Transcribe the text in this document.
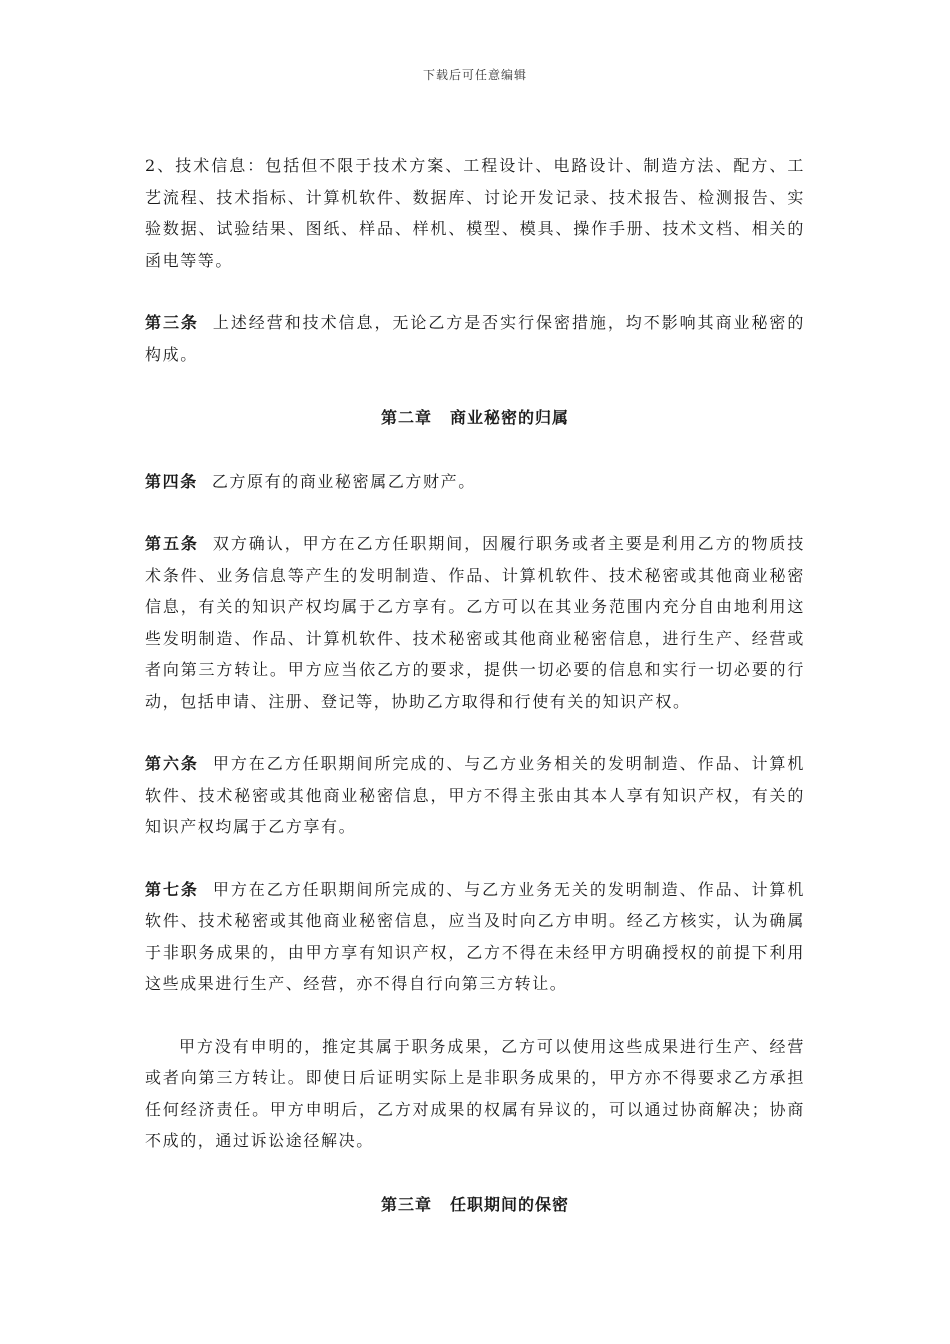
下载后可任意编辑

2、技术信息：包括但不限于技术方案、工程设计、电路设计、制造方法、配方、工艺流程、技术指标、计算机软件、数据库、讨论开发记录、技术报告、检测报告、实验数据、试验结果、图纸、样品、样机、模型、模具、操作手册、技术文档、相关的函电等等。

第三条 上述经营和技术信息，无论乙方是否实行保密措施，均不影响其商业秘密的构成。

第二章 商业秘密的归属

第四条 乙方原有的商业秘密属乙方财产。

第五条 双方确认，甲方在乙方任职期间，因履行职务或者主要是利用乙方的物质技术条件、业务信息等产生的发明制造、作品、计算机软件、技术秘密或其他商业秘密信息，有关的知识产权均属于乙方享有。乙方可以在其业务范围内充分自由地利用这些发明制造、作品、计算机软件、技术秘密或其他商业秘密信息，进行生产、经营或者向第三方转让。甲方应当依乙方的要求，提供一切必要的信息和实行一切必要的行动，包括申请、注册、登记等，协助乙方取得和行使有关的知识产权。

第六条 甲方在乙方任职期间所完成的、与乙方业务相关的发明制造、作品、计算机软件、技术秘密或其他商业秘密信息，甲方不得主张由其本人享有知识产权，有关的知识产权均属于乙方享有。

第七条 甲方在乙方任职期间所完成的、与乙方业务无关的发明制造、作品、计算机软件、技术秘密或其他商业秘密信息，应当及时向乙方申明。经乙方核实，认为确属于非职务成果的，由甲方享有知识产权，乙方不得在未经甲方明确授权的前提下利用这些成果进行生产、经营，亦不得自行向第三方转让。

甲方没有申明的，推定其属于职务成果，乙方可以使用这些成果进行生产、经营或者向第三方转让。即使日后证明实际上是非职务成果的，甲方亦不得要求乙方承担任何经济责任。甲方申明后，乙方对成果的权属有异议的，可以通过协商解决；协商不成的，通过诉讼途径解决。

第三章 任职期间的保密
